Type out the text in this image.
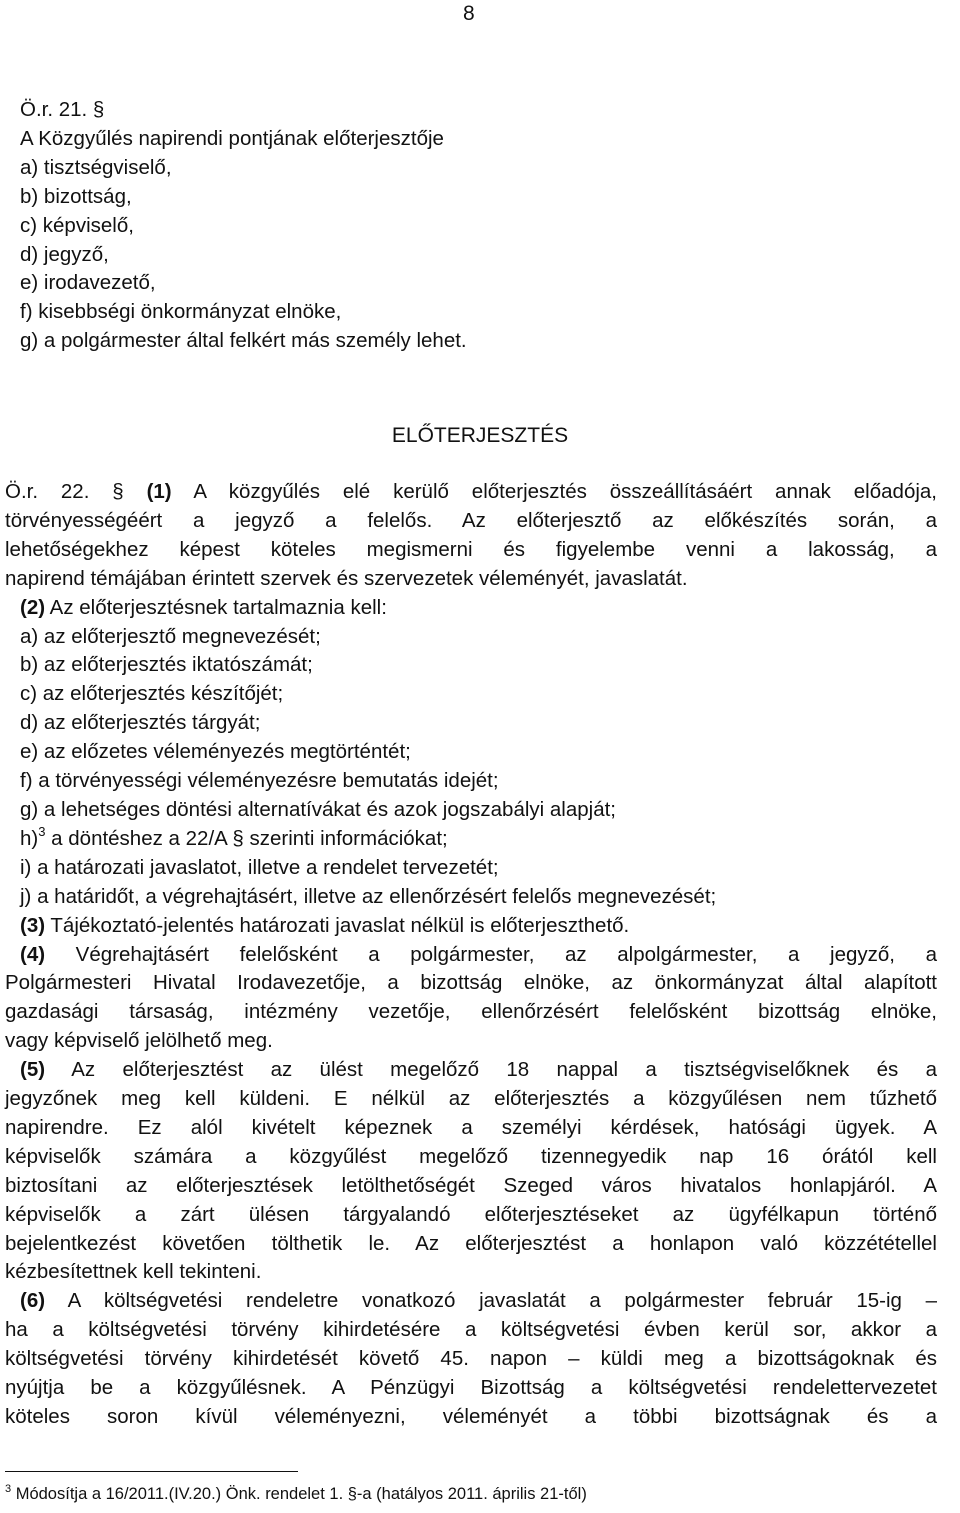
8
Ö.r. 21. §
A Közgyűlés napirendi pontjának előterjesztője
a) tisztségviselő,
b) bizottság,
c) képviselő,
d) jegyző,
e) irodavezető,
f) kisebbségi önkormányzat elnöke,
g) a polgármester által felkért más személy lehet.
ELŐTERJESZTÉS
Ö.r. 22. § (1) A közgyűlés elé kerülő előterjesztés összeállításáért annak előadója,
törvényességéért a jegyző a felelős. Az előterjesztő az előkészítés során, a
lehetőségekhez képest köteles megismerni és figyelembe venni a lakosság, a
napirend témájában érintett szervek és szervezetek véleményét, javaslatát.
(2) Az előterjesztésnek tartalmaznia kell:
a) az előterjesztő megnevezését;
b) az előterjesztés iktatószámát;
c) az előterjesztés készítőjét;
d) az előterjesztés tárgyát;
e) az előzetes véleményezés megtörténtét;
f) a törvényességi véleményezésre bemutatás idejét;
g) a lehetséges döntési alternatívákat és azok jogszabályi alapját;
h)$^3$ a döntéshez a 22/A § szerinti információkat;
i) a határozati javaslatot, illetve a rendelet tervezetét;
j) a határidőt, a végrehajtásért, illetve az ellenőrzésért felelős megnevezését;
(3) Tájékoztató-jelentés határozati javaslat nélkül is előterjeszthető.
(4) Végrehajtásért felelősként a polgármester, az alpolgármester, a jegyző, a
Polgármesteri Hivatal Irodavezetője, a bizottság elnöke, az önkormányzat által alapított
gazdasági társaság, intézmény vezetője, ellenőrzésért felelősként bizottság elnöke,
vagy képviselő jelölhető meg.
(5) Az előterjesztést az ülést megelőző 18 nappal a tisztségviselőknek és a
jegyzőnek meg kell küldeni. E nélkül az előterjesztés a közgyűlésen nem tűzhető
napirendre. Ez alól kivételt képeznek a személyi kérdések, hatósági ügyek. A
képviselők számára a közgyűlést megelőző tizennegyedik nap 16 órától kell
biztosítani az előterjesztések letölthetőségét Szeged város hivatalos honlapjáról. A
képviselők a zárt ülésen tárgyalandó előterjesztéseket az ügyfélkapun történő
bejelentkezést követően tölthetik le. Az előterjesztést a honlapon való közzététellel
kézbesítettnek kell tekinteni.
(6) A költségvetési rendeletre vonatkozó javaslatát a polgármester február 15-ig –
ha a költségvetési törvény kihirdetésére a költségvetési évben kerül sor, akkor a
költségvetési törvény kihirdetését követő 45. napon – küldi meg a bizottságoknak és
nyújtja be a közgyűlésnek. A Pénzügyi Bizottság a költségvetési rendelettervezetet
köteles soron kívül véleményezni, véleményét a többi bizottságnak és a
$^3$ Módosítja a 16/2011.(IV.20.) Önk. rendelet 1. §-a (hatályos 2011. április 21-től)
